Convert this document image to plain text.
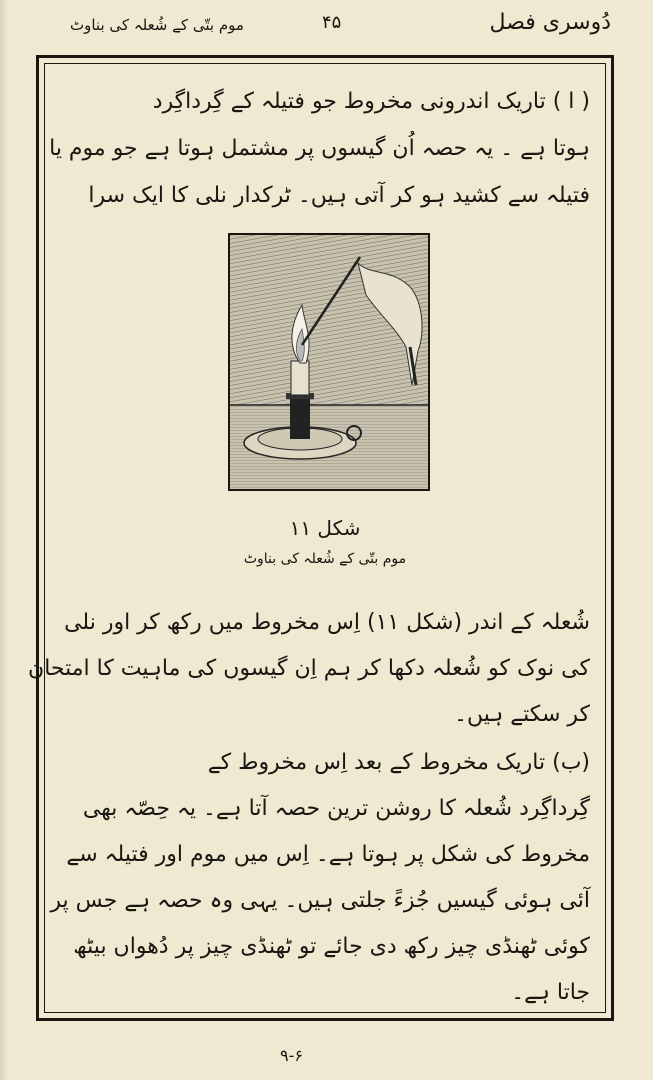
موم بتّی کے شُعلہ کی بناوٹ	۴۵	دُوسری فصل
( ا ) تاریک اندرونی مخروط جو فتیلہ کے گِرداگِرد
ہوتا ہے ۔ یہ حصہ اُن گیسوں پر مشتمل ہوتا ہے جو موم یا
فتیلہ سے کشید ہو کر آتی ہیں۔ ٹرکدار نلی کا ایک سرا
شکل ۱۱
موم بتّی کے شُعلہ کی بناوٹ
شُعلہ کے اندر (شکل ۱۱) اِس مخروط میں رکھ کر اور نلی
کی نوک کو شُعلہ دکھا کر ہم اِن گیسوں کی ماہیت کا امتحان
کر سکتے ہیں۔
(ب) تاریک مخروط کے بعد اِس مخروط کے
گِرداگِرد شُعلہ کا روشن ترین حصہ آتا ہے۔ یہ حِصّہ بھی
مخروط کی شکل پر ہوتا ہے۔ اِس میں موم اور فتیلہ سے
آئی ہوئی گیسیں جُزءً جلتی ہیں۔ یہی وہ حصہ ہے جس پر
کوئی ٹھنڈی چیز رکھ دی جائے تو ٹھنڈی چیز پر دُھواں بیٹھ
جاتا ہے۔
۹-۶
